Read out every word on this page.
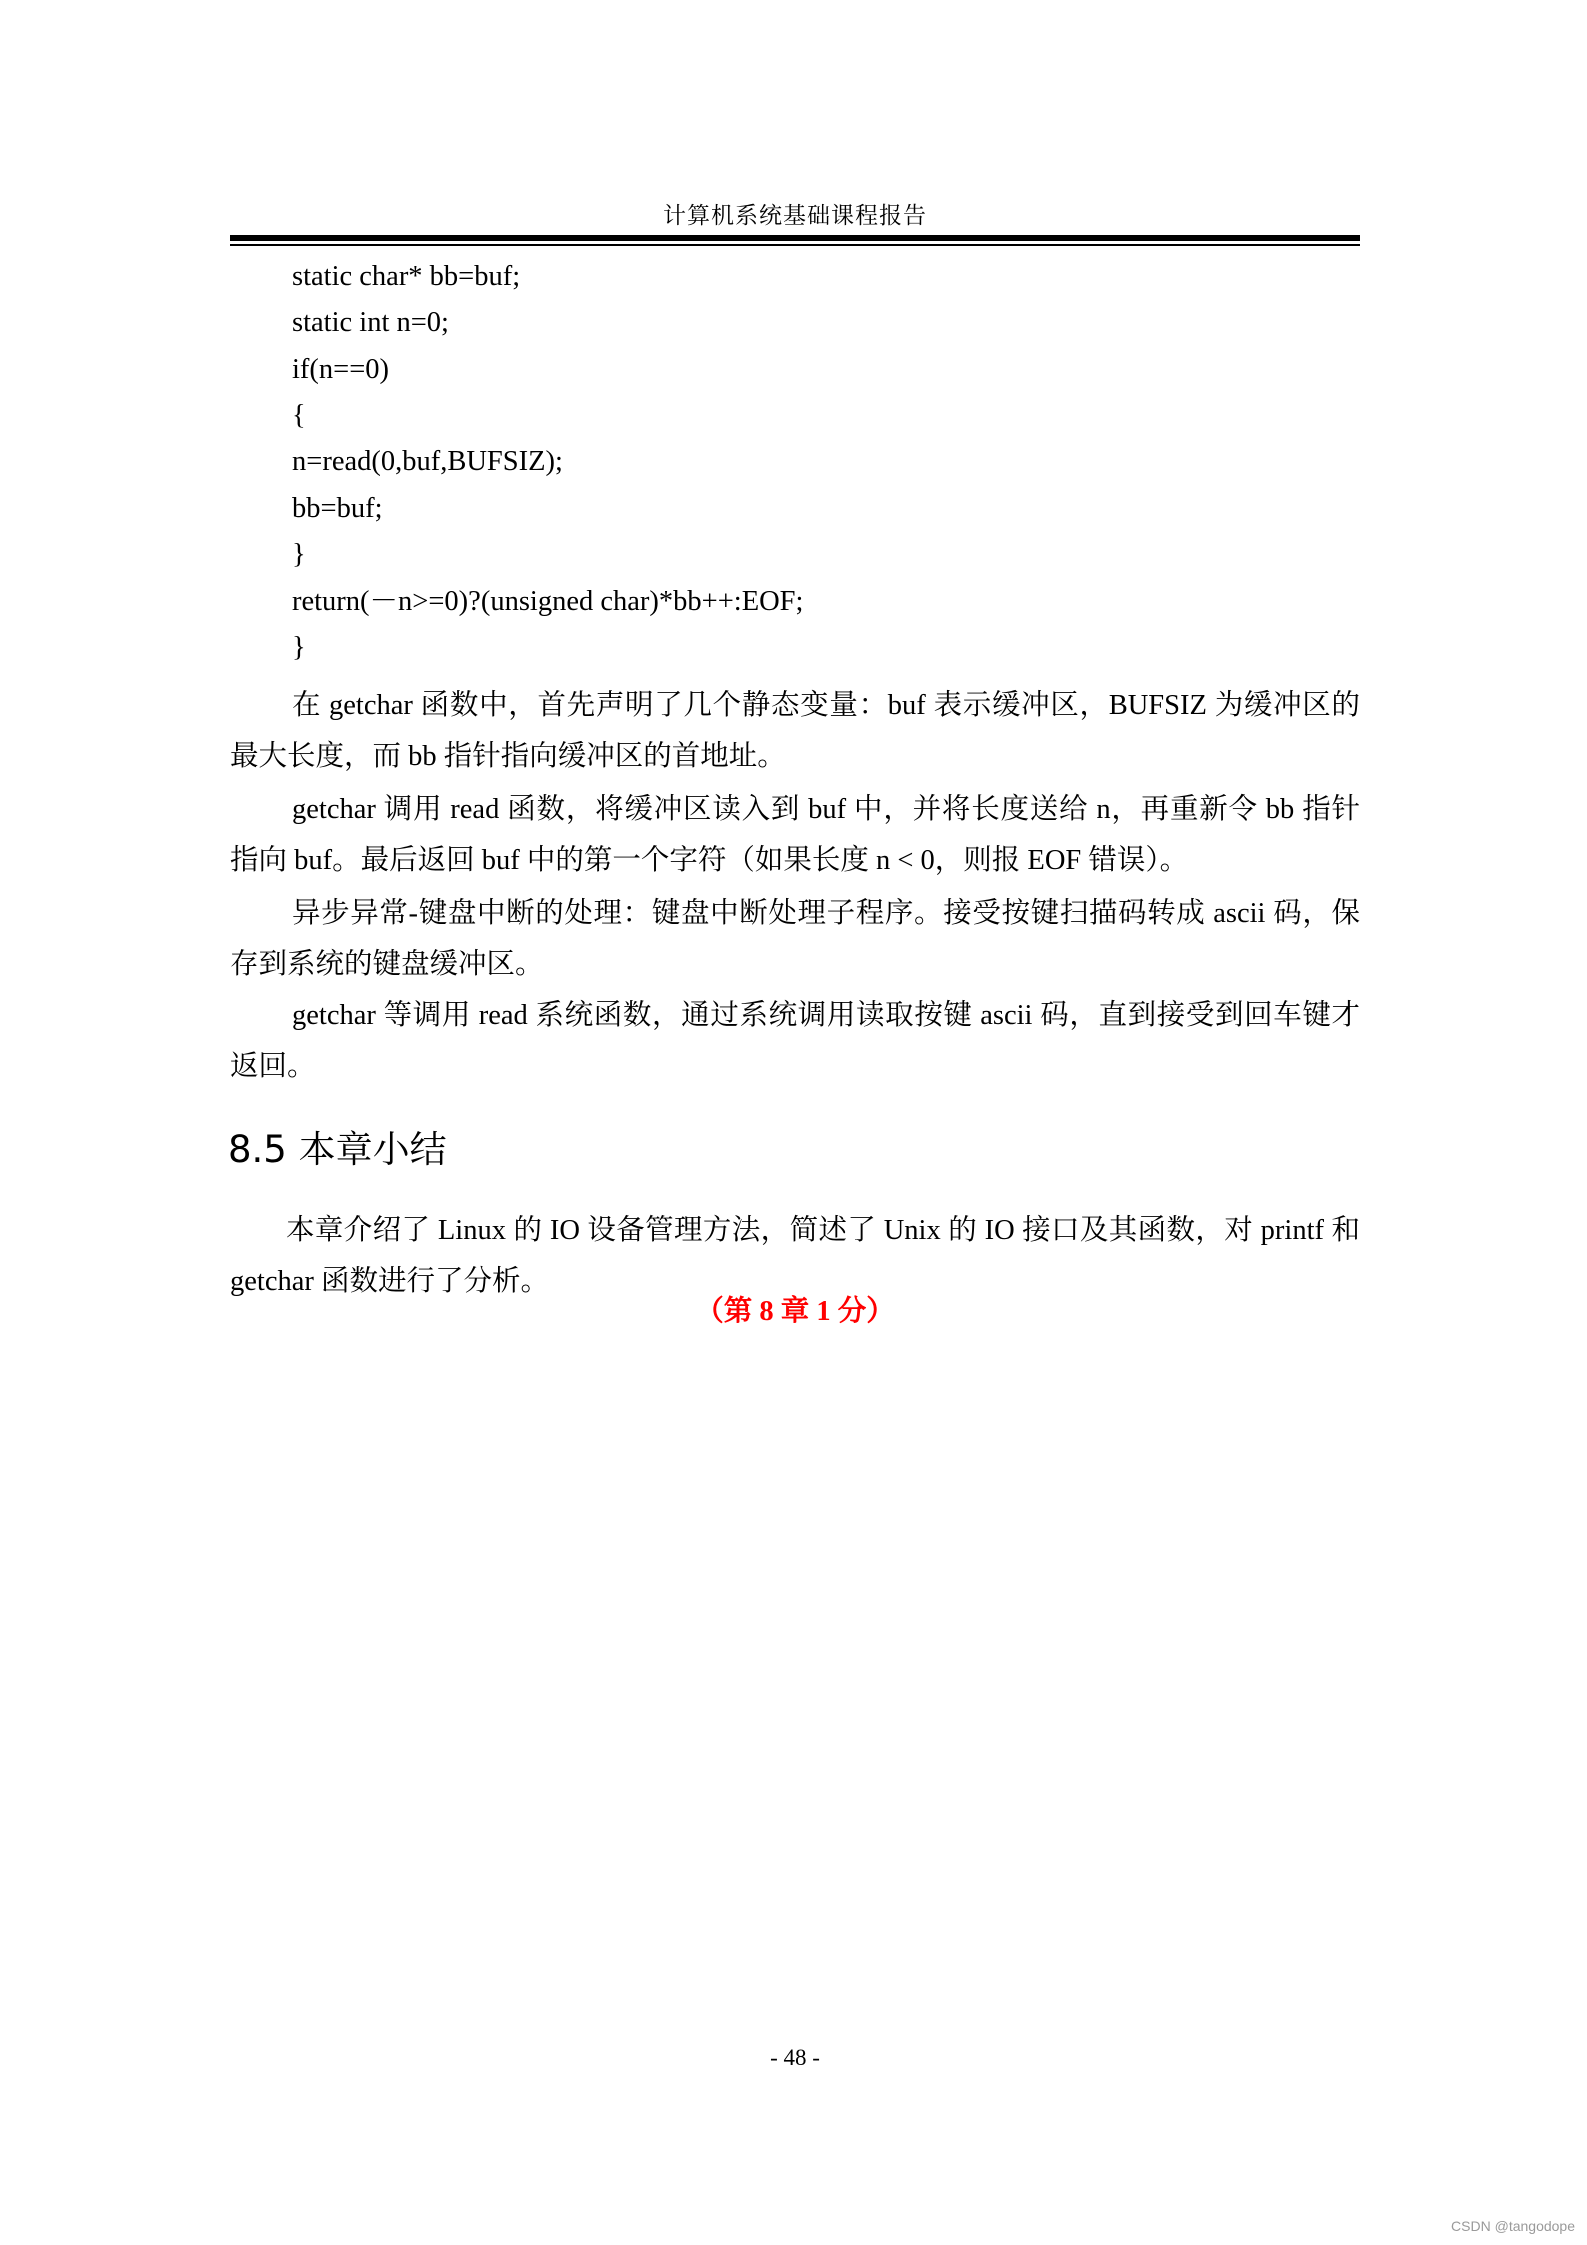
计算机系统基础课程报告
static char* bb=buf;
static int n=0;
if(n==0)
{
n=read(0,buf,BUFSIZ);
bb=buf;
}
return(－n>=0)?(unsigned char)*bb++:EOF;
}
在 getchar 函数中，首先声明了几个静态变量：buf 表示缓冲区，BUFSIZ 为缓冲区的最大长度，而 bb 指针指向缓冲区的首地址。
getchar 调用 read 函数，将缓冲区读入到 buf 中，并将长度送给 n，再重新令 bb 指针指向 buf。最后返回 buf 中的第一个字符（如果长度 n < 0，则报 EOF 错误）。
异步异常-键盘中断的处理：键盘中断处理子程序。接受按键扫描码转成 ascii 码，保存到系统的键盘缓冲区。
getchar 等调用 read 系统函数，通过系统调用读取按键 ascii 码，直到接受到回车键才返回。
8.5 本章小结
本章介绍了 Linux 的 IO 设备管理方法，简述了 Unix 的 IO 接口及其函数，对 printf 和 getchar 函数进行了分析。
（第 8 章 1 分）
- 48 -
CSDN @tangodope
